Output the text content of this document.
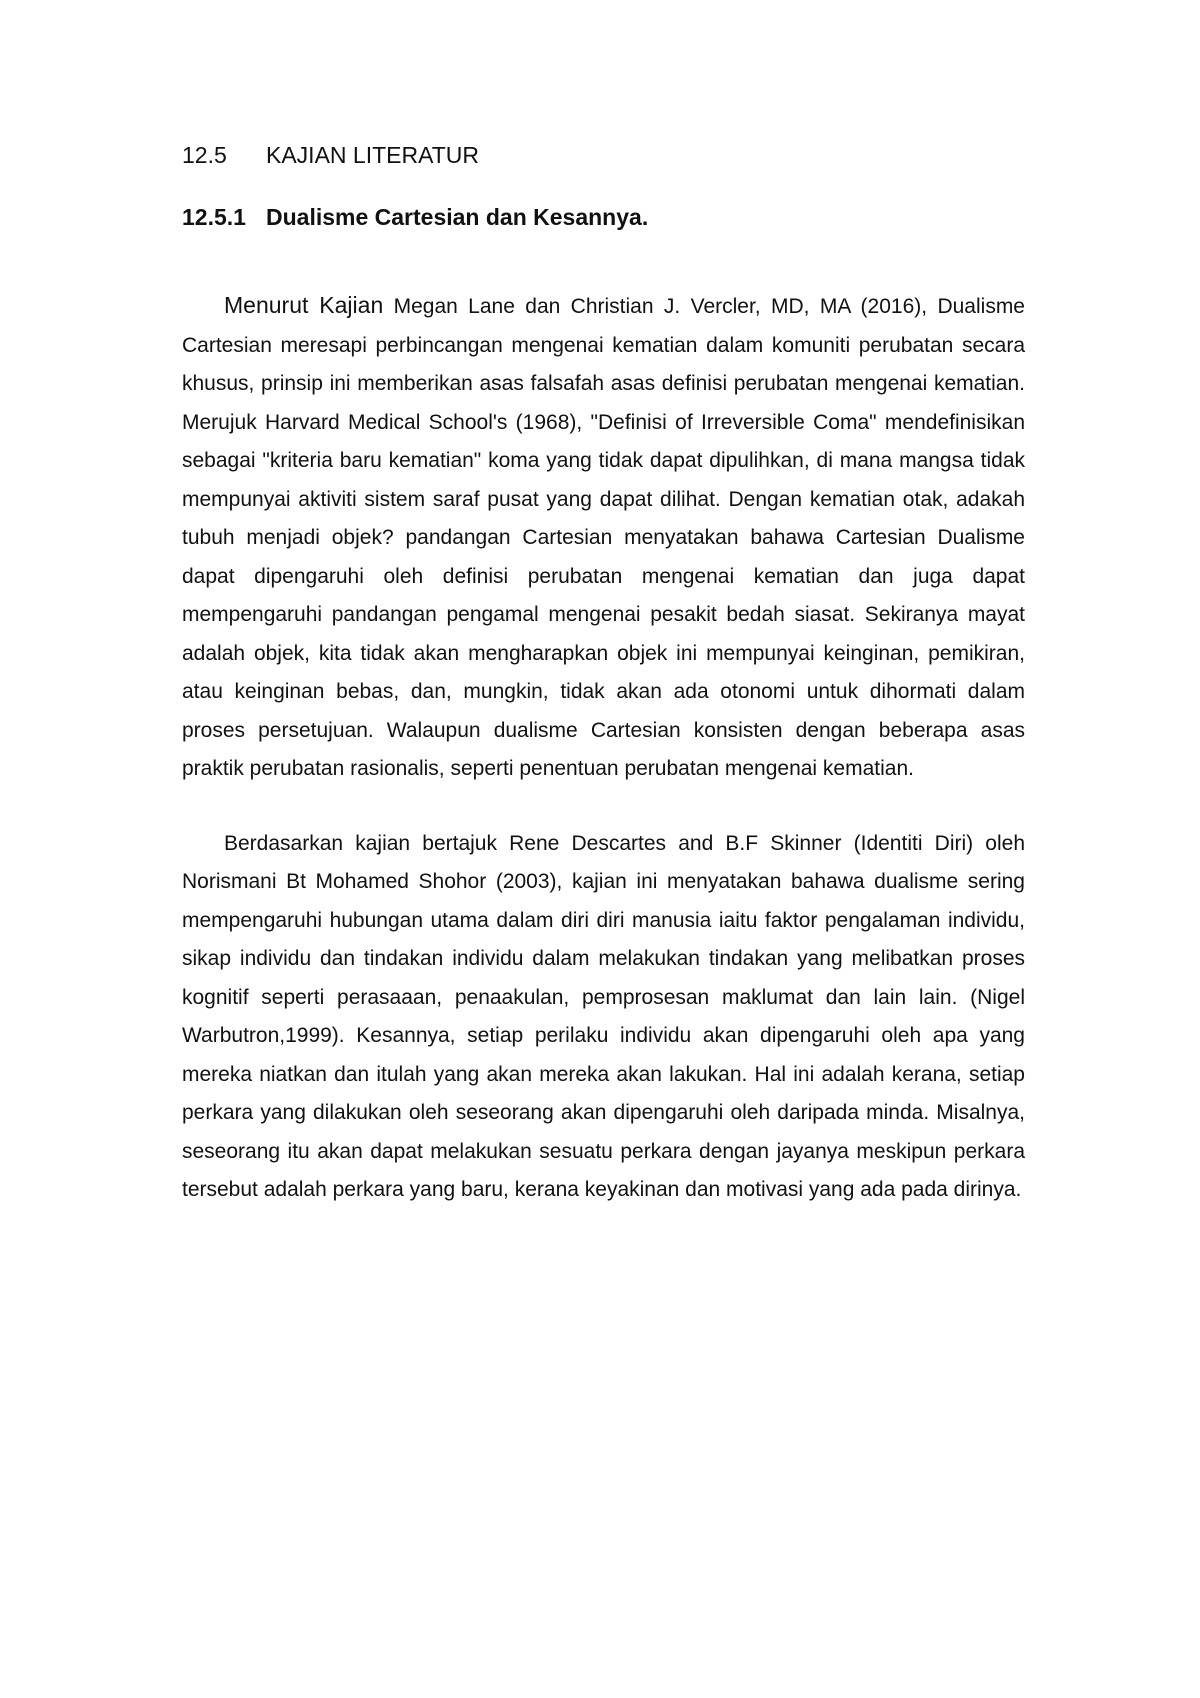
12.5	KAJIAN LITERATUR
12.5.1 Dualisme Cartesian dan Kesannya.

Menurut Kajian Megan Lane dan Christian J. Vercler, MD, MA (2016), Dualisme Cartesian meresapi perbincangan mengenai kematian dalam komuniti perubatan secara khusus, prinsip ini memberikan asas falsafah asas definisi perubatan mengenai kematian. Merujuk Harvard Medical School's (1968), "Definisi of Irreversible Coma" mendefinisikan sebagai "kriteria baru kematian" koma yang tidak dapat dipulihkan, di mana mangsa tidak mempunyai aktiviti sistem saraf pusat yang dapat dilihat. Dengan kematian otak, adakah tubuh menjadi objek? pandangan Cartesian menyatakan bahawa Cartesian Dualisme dapat dipengaruhi oleh definisi perubatan mengenai kematian dan juga dapat mempengaruhi pandangan pengamal mengenai pesakit bedah siasat. Sekiranya mayat adalah objek, kita tidak akan mengharapkan objek ini mempunyai keinginan, pemikiran, atau keinginan bebas, dan, mungkin, tidak akan ada otonomi untuk dihormati dalam proses persetujuan. Walaupun dualisme Cartesian konsisten dengan beberapa asas praktik perubatan rasionalis, seperti penentuan perubatan mengenai kematian.

Berdasarkan kajian bertajuk Rene Descartes and B.F Skinner (Identiti Diri) oleh Norismani Bt Mohamed Shohor (2003), kajian ini menyatakan bahawa dualisme sering mempengaruhi hubungan utama dalam diri diri manusia iaitu faktor pengalaman individu, sikap individu dan tindakan individu dalam melakukan tindakan yang melibatkan proses kognitif seperti perasaaan, penaakulan, pemprosesan maklumat dan lain lain. (Nigel Warbutron,1999). Kesannya, setiap perilaku individu akan dipengaruhi oleh apa yang mereka niatkan dan itulah yang akan mereka akan lakukan. Hal ini adalah kerana, setiap perkara yang dilakukan oleh seseorang akan dipengaruhi oleh daripada minda. Misalnya, seseorang itu akan dapat melakukan sesuatu perkara dengan jayanya meskipun perkara tersebut adalah perkara yang baru, kerana keyakinan dan motivasi yang ada pada dirinya.
